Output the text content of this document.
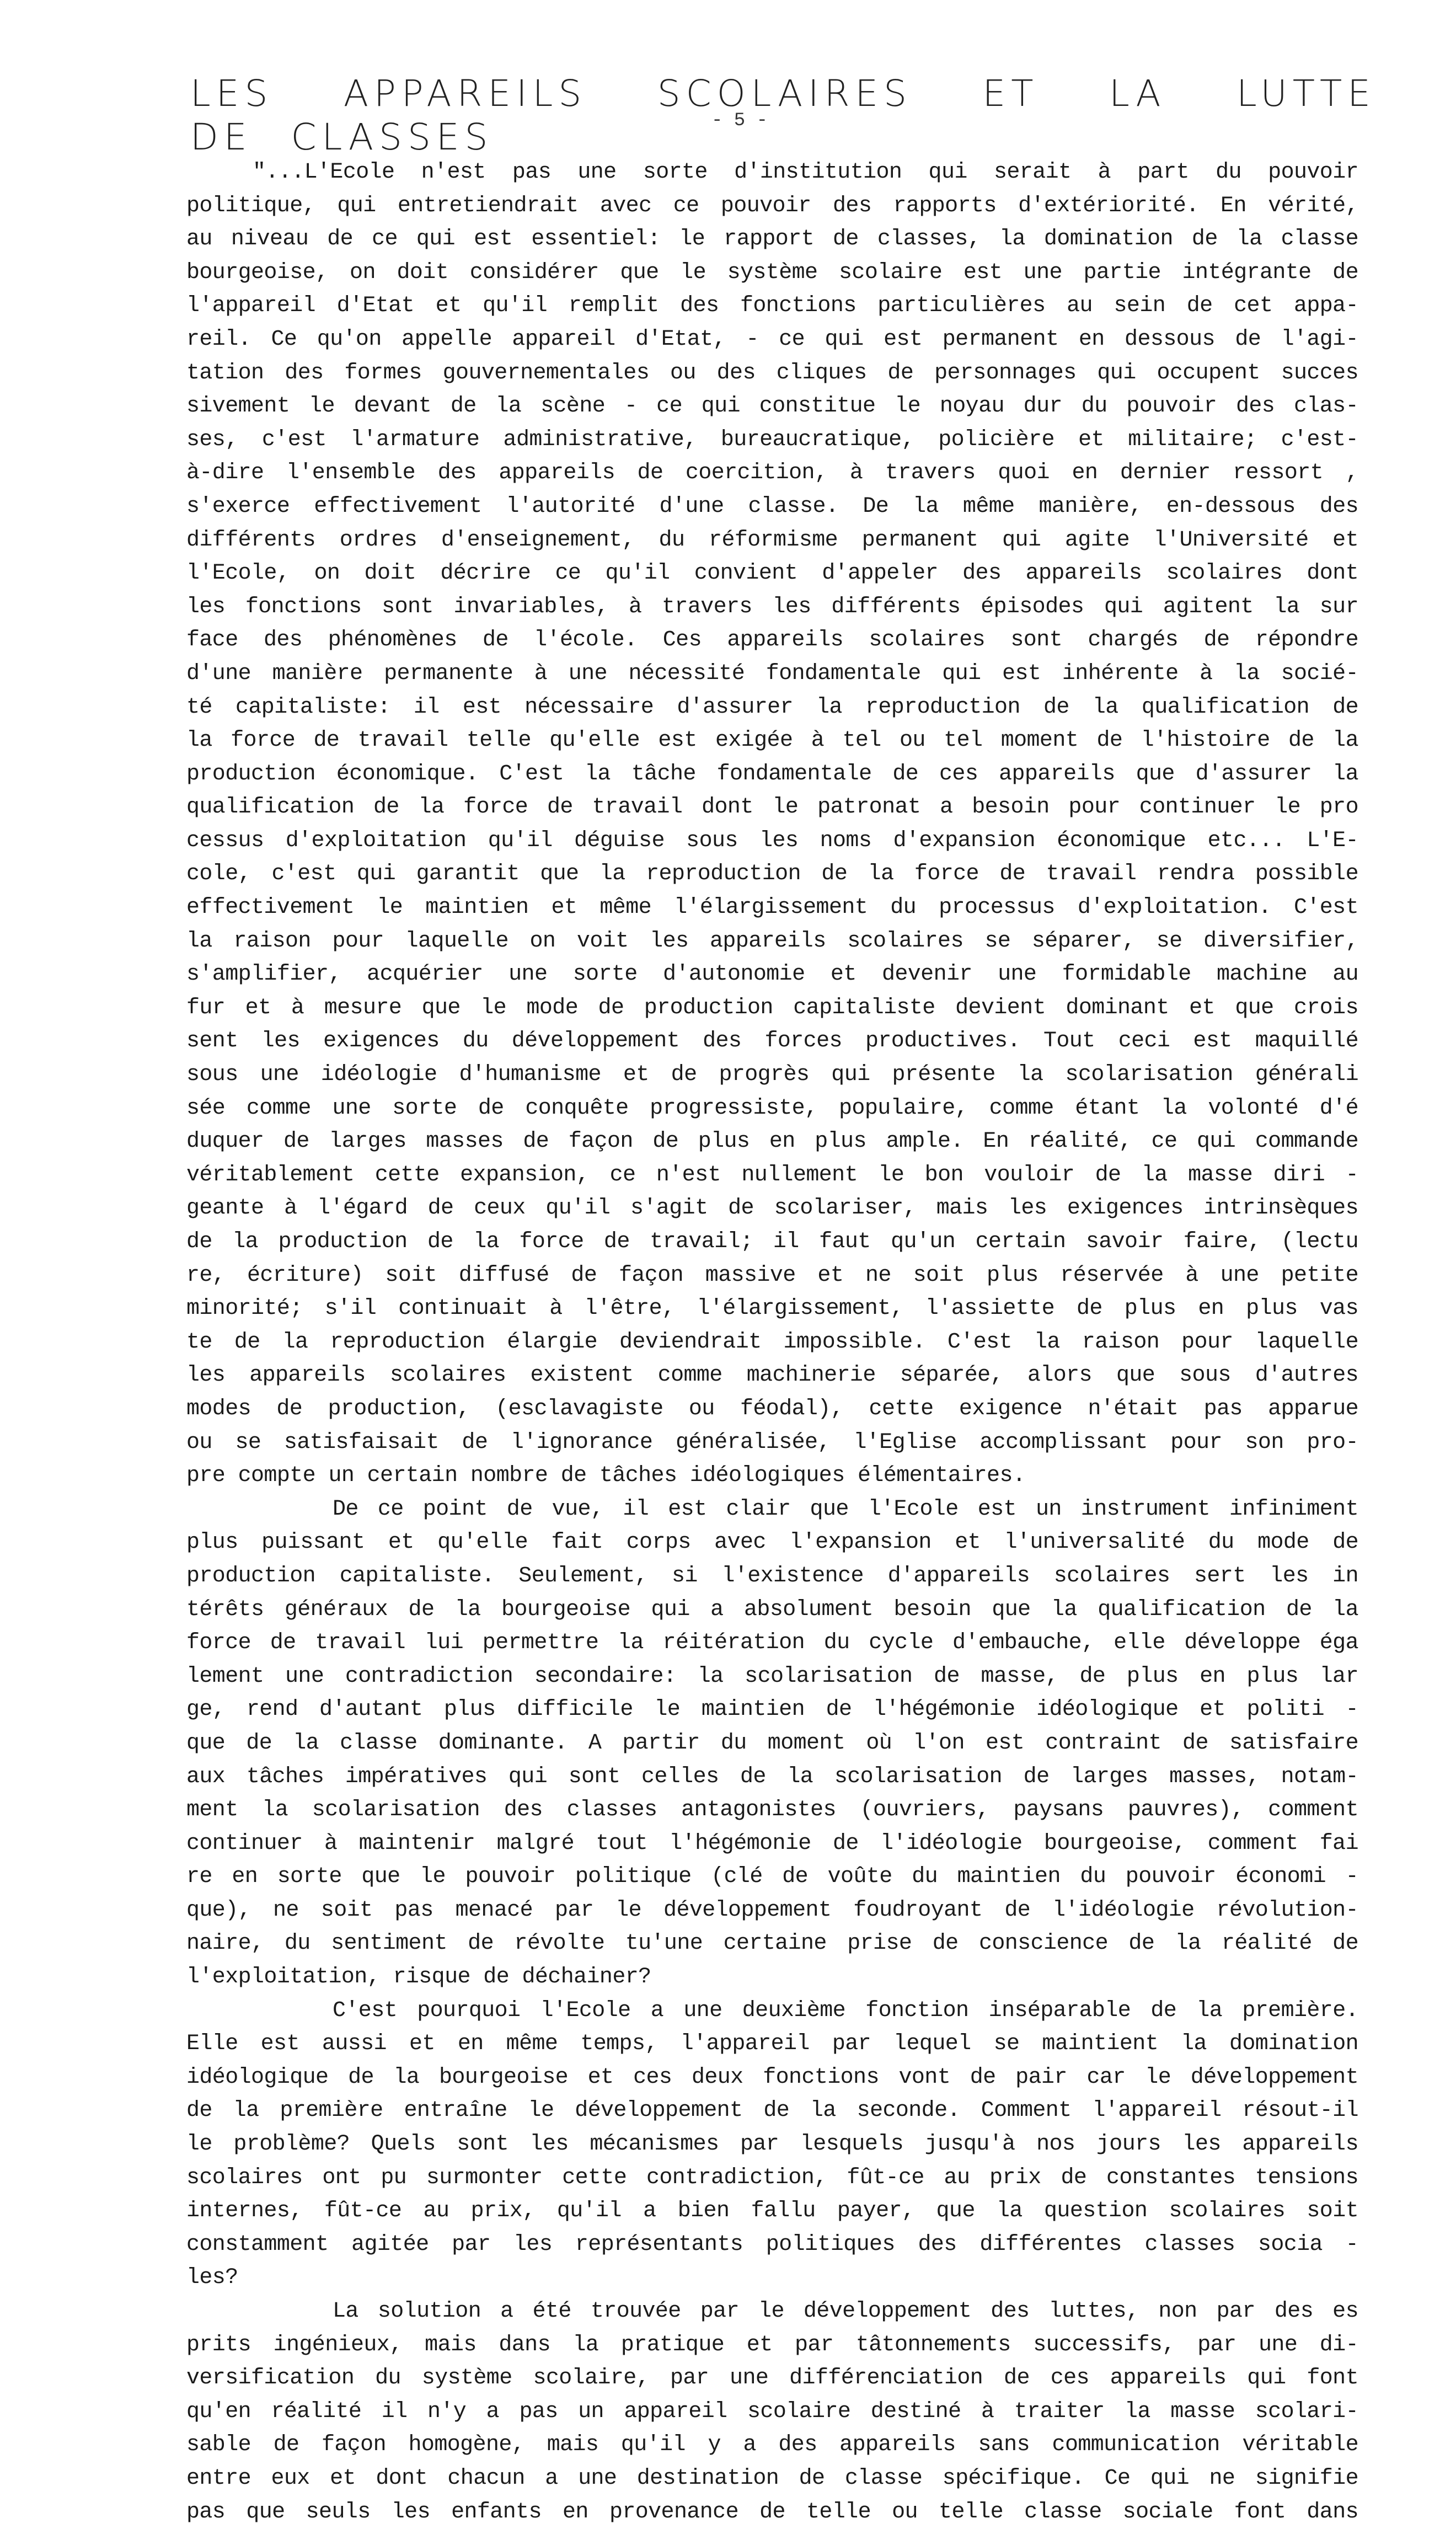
LES APPAREILS SCOLAIRES ET LA LUTTE
DE CLASSES	- 5 -
"...L'Ecole n'est pas une sorte d'institution qui serait à part du pouvoir
politique, qui entretiendrait avec ce pouvoir des rapports d'extériorité. En vérité,
au niveau de ce qui est essentiel: le rapport de classes, la domination de la classe
bourgeoise, on doit considérer que le système scolaire est une partie intégrante de
l'appareil d'Etat et qu'il remplit des fonctions particulières au sein de cet appa-
reil. Ce qu'on appelle appareil d'Etat, - ce qui est permanent en dessous de l'agi-
tation des formes gouvernementales ou des cliques de personnages qui occupent succes
sivement le devant de la scène - ce qui constitue le noyau dur du pouvoir des clas-
ses, c'est l'armature administrative, bureaucratique, policière et militaire; c'est-
à-dire l'ensemble des appareils de coercition, à travers quoi en dernier ressort ,
s'exerce effectivement l'autorité d'une classe. De la même manière, en-dessous des
différents ordres d'enseignement, du réformisme permanent qui agite l'Université et
l'Ecole, on doit décrire ce qu'il convient d'appeler des appareils scolaires dont
les fonctions sont invariables, à travers les différents épisodes qui agitent la sur
face des phénomènes de l'école. Ces appareils scolaires sont chargés de répondre
d'une manière permanente à une nécessité fondamentale qui est inhérente à la socié-
té capitaliste: il est nécessaire d'assurer la reproduction de la qualification de
la force de travail telle qu'elle est exigée à tel ou tel moment de l'histoire de la
production économique. C'est la tâche fondamentale de ces appareils que d'assurer la
qualification de la force de travail dont le patronat a besoin pour continuer le pro
cessus d'exploitation qu'il déguise sous les noms d'expansion économique etc... L'E-
cole, c'est qui garantit que la reproduction de la force de travail rendra possible
effectivement le maintien et même l'élargissement du processus d'exploitation. C'est
la raison pour laquelle on voit les appareils scolaires se séparer, se diversifier,
s'amplifier, acquérier une sorte d'autonomie et devenir une formidable machine au
fur et à mesure que le mode de production capitaliste devient dominant et que crois
sent les exigences du développement des forces productives. Tout ceci est maquillé
sous une idéologie d'humanisme et de progrès qui présente la scolarisation générali
sée comme une sorte de conquête progressiste, populaire, comme étant la volonté d'é
duquer de larges masses de façon de plus en plus ample. En réalité, ce qui commande
véritablement cette expansion, ce n'est nullement le bon vouloir de la masse diri -
geante à l'égard de ceux qu'il s'agit de scolariser, mais les exigences intrinsèques
de la production de la force de travail; il faut qu'un certain savoir faire, (lectu
re, écriture) soit diffusé de façon massive et ne soit plus réservée à une petite
minorité; s'il continuait à l'être, l'élargissement, l'assiette de plus en plus vas
te de la reproduction élargie deviendrait impossible. C'est la raison pour laquelle
les appareils scolaires existent comme machinerie séparée, alors que sous d'autres
modes de production, (esclavagiste ou féodal), cette exigence n'était pas apparue
ou se satisfaisait de l'ignorance généralisée, l'Eglise accomplissant pour son pro-
pre compte un certain nombre de tâches idéologiques élémentaires.
De ce point de vue, il est clair que l'Ecole est un instrument infiniment
plus puissant et qu'elle fait corps avec l'expansion et l'universalité du mode de
production capitaliste. Seulement, si l'existence d'appareils scolaires sert les in
térêts généraux de la bourgeoise qui a absolument besoin que la qualification de la
force de travail lui permettre la réitération du cycle d'embauche, elle développe éga
lement une contradiction secondaire: la scolarisation de masse, de plus en plus lar
ge, rend d'autant plus difficile le maintien de l'hégémonie idéologique et politi -
que de la classe dominante. A partir du moment où l'on est contraint de satisfaire
aux tâches impératives qui sont celles de la scolarisation de larges masses, notam-
ment la scolarisation des classes antagonistes (ouvriers, paysans pauvres), comment
continuer à maintenir malgré tout l'hégémonie de l'idéologie bourgeoise, comment fai
re en sorte que le pouvoir politique (clé de voûte du maintien du pouvoir économi -
que), ne soit pas menacé par le développement foudroyant de l'idéologie révolution-
naire, du sentiment de révolte tu'une certaine prise de conscience de la réalité de
l'exploitation, risque de déchainer?
C'est pourquoi l'Ecole a une deuxième fonction inséparable de la première.
Elle est aussi et en même temps, l'appareil par lequel se maintient la domination
idéologique de la bourgeoise et ces deux fonctions vont de pair car le développement
de la première entraîne le développement de la seconde. Comment l'appareil résout-il
le problème? Quels sont les mécanismes par lesquels jusqu'à nos jours les appareils
scolaires ont pu surmonter cette contradiction, fût-ce au prix de constantes tensions
internes, fût-ce au prix, qu'il a bien fallu payer, que la question scolaires soit
constamment agitée par les représentants politiques des différentes classes socia -
les?
La solution a été trouvée par le développement des luttes, non par des es
prits ingénieux, mais dans la pratique et par tâtonnements successifs, par une di-
versification du système scolaire, par une différenciation de ces appareils qui font
qu'en réalité il n'y a pas un appareil scolaire destiné à traiter la masse scolari-
sable de façon homogène, mais qu'il y a des appareils sans communication véritable
entre eux et dont chacun a une destination de classe spécifique. Ce qui ne signifie
pas que seuls les enfants en provenance de telle ou telle classe sociale font dans
